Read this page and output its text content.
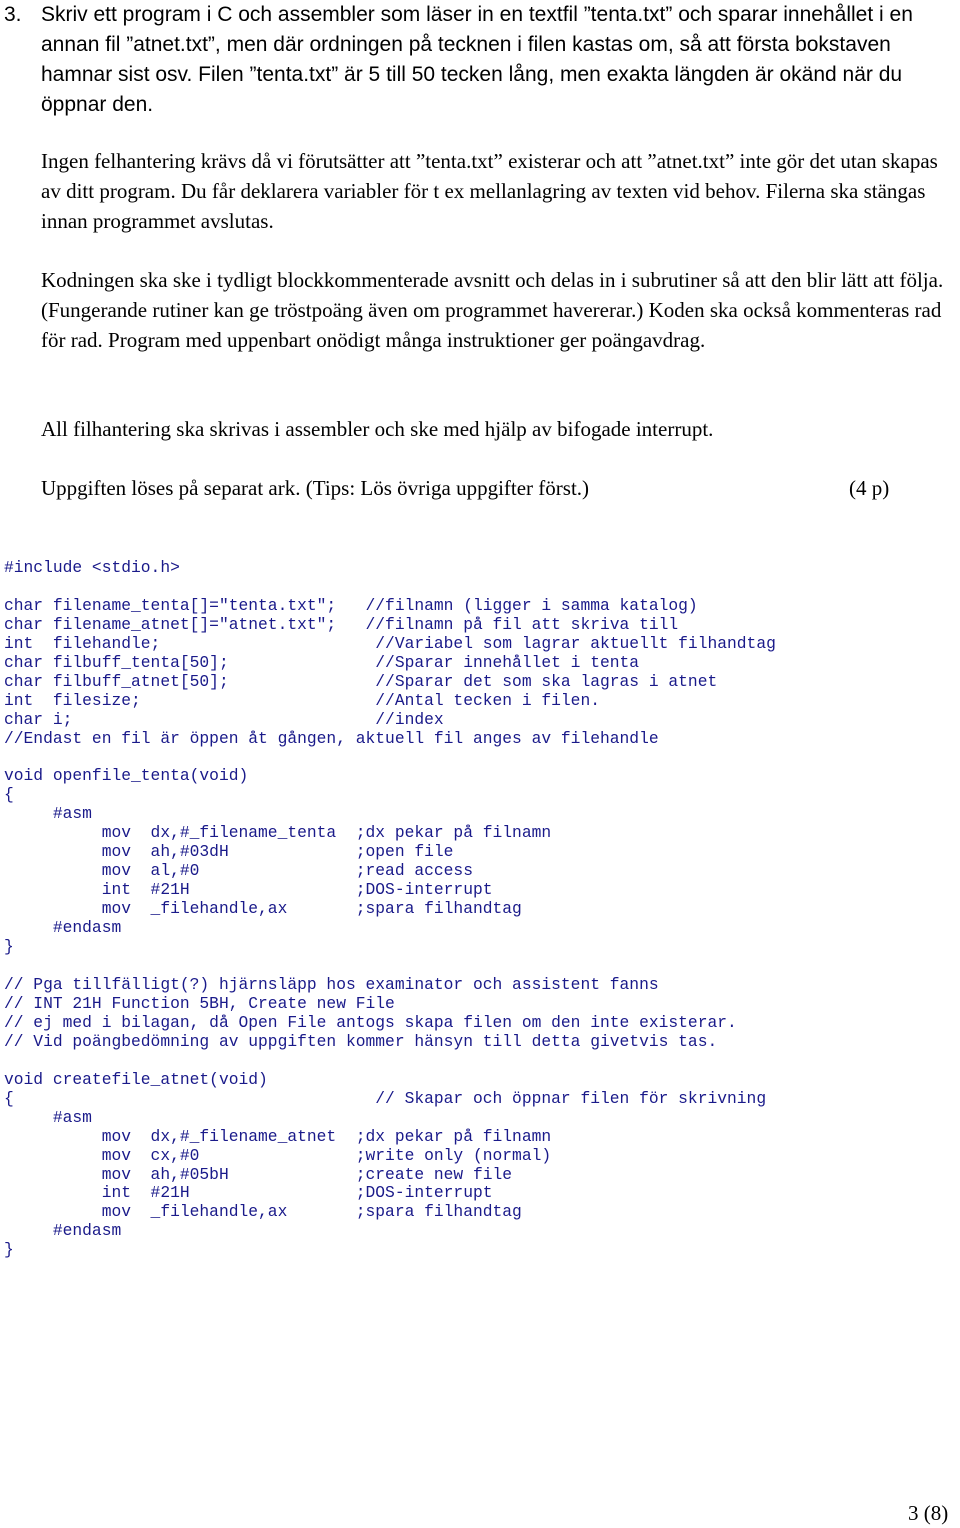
3. Skriv ett program i C och assembler som läser in en textfil ”tenta.txt” och sparar innehållet i en annan fil ”atnet.txt”, men där ordningen på tecknen i filen kastas om, så att första bokstaven hamnar sist osv. Filen ”tenta.txt” är 5 till 50 tecken lång, men exakta längden är okänd när du öppnar den.

Ingen felhantering krävs då vi förutsätter att ”tenta.txt” existerar och att ”atnet.txt” inte gör det utan skapas av ditt program. Du får deklarera variabler för t ex mellanlagring av texten vid behov. Filerna ska stängas innan programmet avslutas.

Kodningen ska ske i tydligt blockkommenterade avsnitt och delas in i subrutiner så att den blir lätt att följa. (Fungerande rutiner kan ge tröstpoäng även om programmet havererar.) Koden ska också kommenteras rad för rad. Program med uppenbart onödigt många instruktioner ger poängavdrag.

All filhantering ska skrivas i assembler och ske med hjälp av bifogade interrupt.

Uppgiften löses på separat ark. (Tips: Lös övriga uppgifter först.)	(4 p)
#include <stdio.h>

char filename_tenta[]="tenta.txt";   //filnamn (ligger i samma katalog)
char filename_atnet[]="atnet.txt";   //filnamn på fil att skriva till
int  filehandle;                      //Variabel som lagrar aktuellt filhandtag
char filbuff_tenta[50];               //Sparar innehållet i tenta
char filbuff_atnet[50];               //Sparar det som ska lagras i atnet
int  filesize;                        //Antal tecken i filen.
char i;                               //index
//Endast en fil är öppen åt gången, aktuell fil anges av filehandle

void openfile_tenta(void)
{
#asm
mov  dx,#_filename_tenta  ;dx pekar på filnamn
mov  ah,#03dH             ;open file
mov  al,#0                ;read access
int  #21H                 ;DOS-interrupt
mov  _filehandle,ax       ;spara filhandtag
#endasm
}

// Pga tillfälligt(?) hjärnsläpp hos examinator och assistent fanns
// INT 21H Function 5BH, Create new File
// ej med i bilagan, då Open File antogs skapa filen om den inte existerar.
// Vid poängbedömning av uppgiften kommer hänsyn till detta givetvis tas.

void createfile_atnet(void)
{                                     // Skapar och öppnar filen för skrivning
#asm
mov  dx,#_filename_atnet  ;dx pekar på filnamn
mov  cx,#0                ;write only (normal)
mov  ah,#05bH             ;create new file
int  #21H                 ;DOS-interrupt
mov  _filehandle,ax       ;spara filhandtag
#endasm
}
3 (8)
